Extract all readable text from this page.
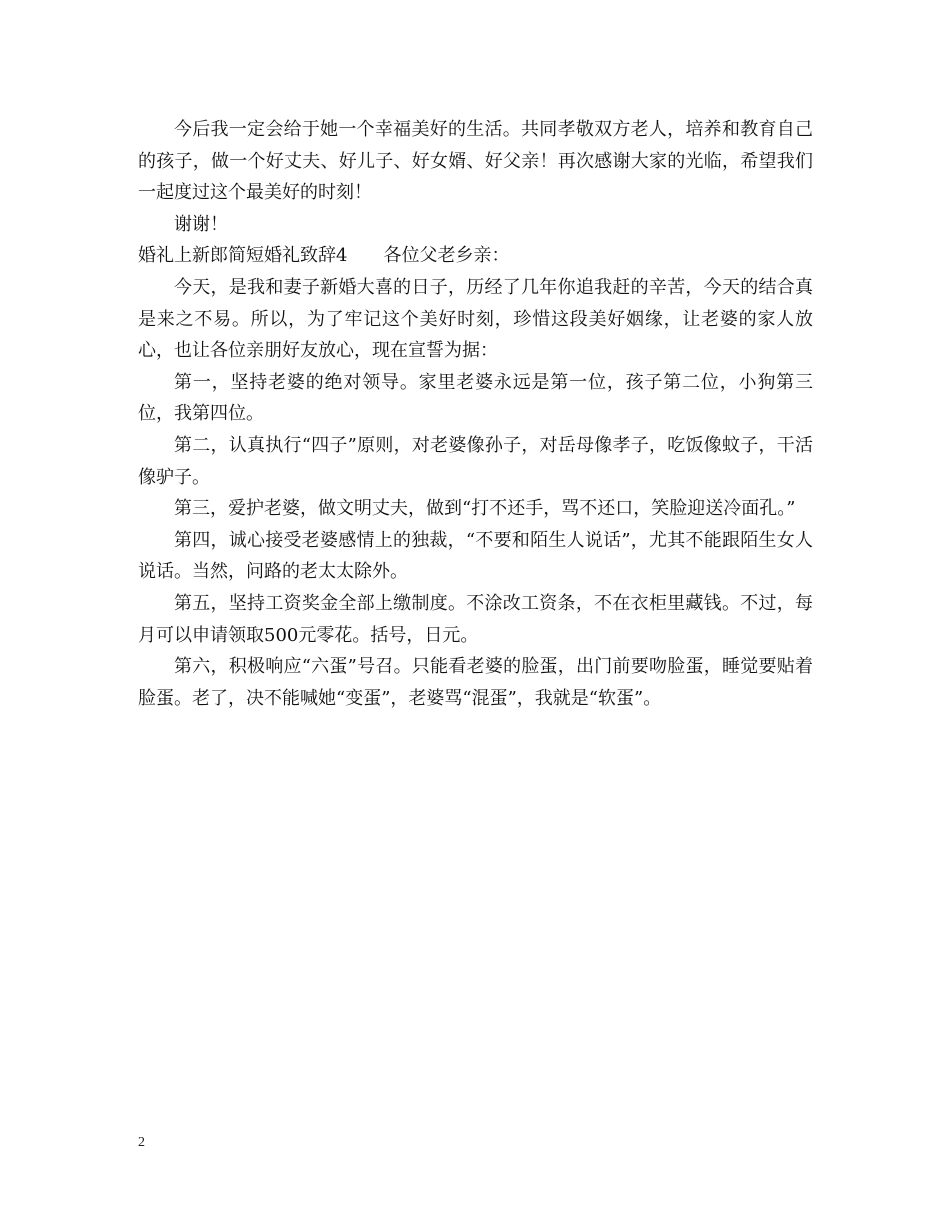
今后我一定会给于她一个幸福美好的生活。共同孝敬双方老人，培养和教育自己的孩子，做一个好丈夫、好儿子、好女婿、好父亲！再次感谢大家的光临，希望我们一起度过这个最美好的时刻！

谢谢！

婚礼上新郎简短婚礼致辞4　　各位父老乡亲：

今天，是我和妻子新婚大喜的日子，历经了几年你追我赶的辛苦，今天的结合真是来之不易。所以，为了牢记这个美好时刻，珍惜这段美好姻缘，让老婆的家人放心，也让各位亲朋好友放心，现在宣誓为据：

第一，坚持老婆的绝对领导。家里老婆永远是第一位，孩子第二位，小狗第三位，我第四位。

第二，认真执行“四子”原则，对老婆像孙子，对岳母像孝子，吃饭像蚊子，干活像驴子。

第三，爱护老婆，做文明丈夫，做到“打不还手，骂不还口，笑脸迎送冷面孔。”

第四，诚心接受老婆感情上的独裁，“不要和陌生人说话”，尤其不能跟陌生女人说话。当然，问路的老太太除外。

第五，坚持工资奖金全部上缴制度。不涂改工资条，不在衣柜里藏钱。不过，每月可以申请领取500元零花。括号，日元。

第六，积极响应“六蛋”号召。只能看老婆的脸蛋，出门前要吻脸蛋，睡觉要贴着脸蛋。老了，决不能喊她“变蛋”，老婆骂“混蛋”，我就是“软蛋”。

2
